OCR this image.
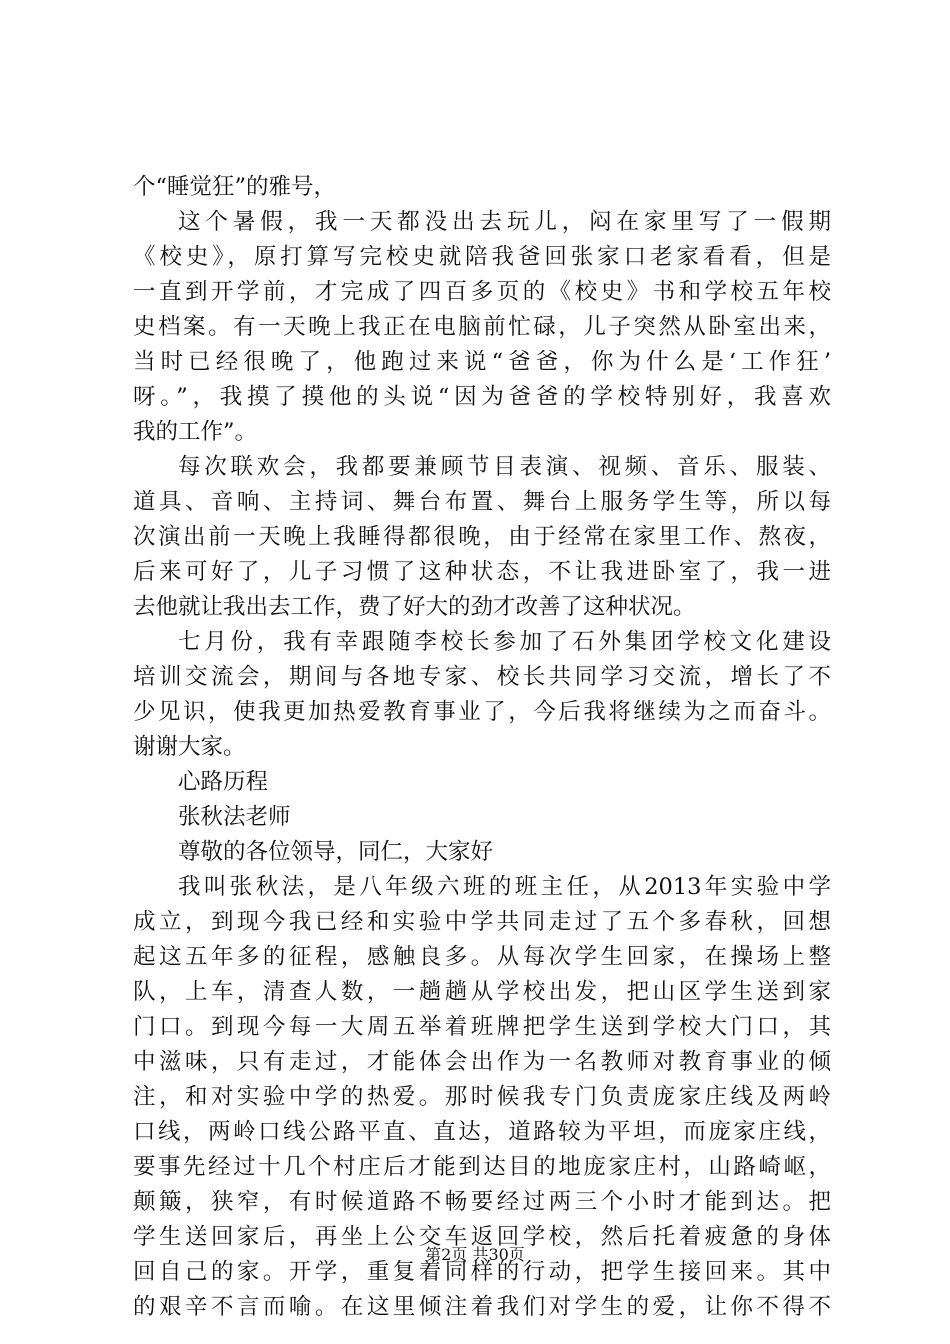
个“睡觉狂”的雅号，
这个暑假，我一天都没出去玩儿，闷在家里写了一假期
《校史》，原打算写完校史就陪我爸回张家口老家看看，但是
一直到开学前，才完成了四百多页的《校史》书和学校五年校
史档案。有一天晚上我正在电脑前忙碌，儿子突然从卧室出来，
当时已经很晚了，他跑过来说“爸爸，你为什么是‘工作狂’
呀。”，我摸了摸他的头说“因为爸爸的学校特别好，我喜欢
我的工作”。
每次联欢会，我都要兼顾节目表演、视频、音乐、服装、
道具、音响、主持词、舞台布置、舞台上服务学生等，所以每
次演出前一天晚上我睡得都很晚，由于经常在家里工作、熬夜，
后来可好了，儿子习惯了这种状态，不让我进卧室了，我一进
去他就让我出去工作，费了好大的劲才改善了这种状况。
七月份，我有幸跟随李校长参加了石外集团学校文化建设
培训交流会，期间与各地专家、校长共同学习交流，增长了不
少见识，使我更加热爱教育事业了，今后我将继续为之而奋斗。
谢谢大家。
心路历程
张秋法老师
尊敬的各位领导，同仁，大家好
我叫张秋法，是八年级六班的班主任，从2013年实验中学
成立，到现今我已经和实验中学共同走过了五个多春秋，回想
起这五年多的征程，感触良多。从每次学生回家，在操场上整
队，上车，清查人数，一趟趟从学校出发，把山区学生送到家
门口。到现今每一大周五举着班牌把学生送到学校大门口，其
中滋味，只有走过，才能体会出作为一名教师对教育事业的倾
注，和对实验中学的热爱。那时候我专门负责庞家庄线及两岭
口线，两岭口线公路平直、直达，道路较为平坦，而庞家庄线，
要事先经过十几个村庄后才能到达目的地庞家庄村，山路崎岖，
颠簸，狭窄，有时候道路不畅要经过两三个小时才能到达。把
学生送回家后，再坐上公交车返回学校，然后托着疲惫的身体
回自己的家。开学，重复着同样的行动，把学生接回来。其中
的艰辛不言而喻。在这里倾注着我们对学生的爱，让你不得不
第2页 共30页
